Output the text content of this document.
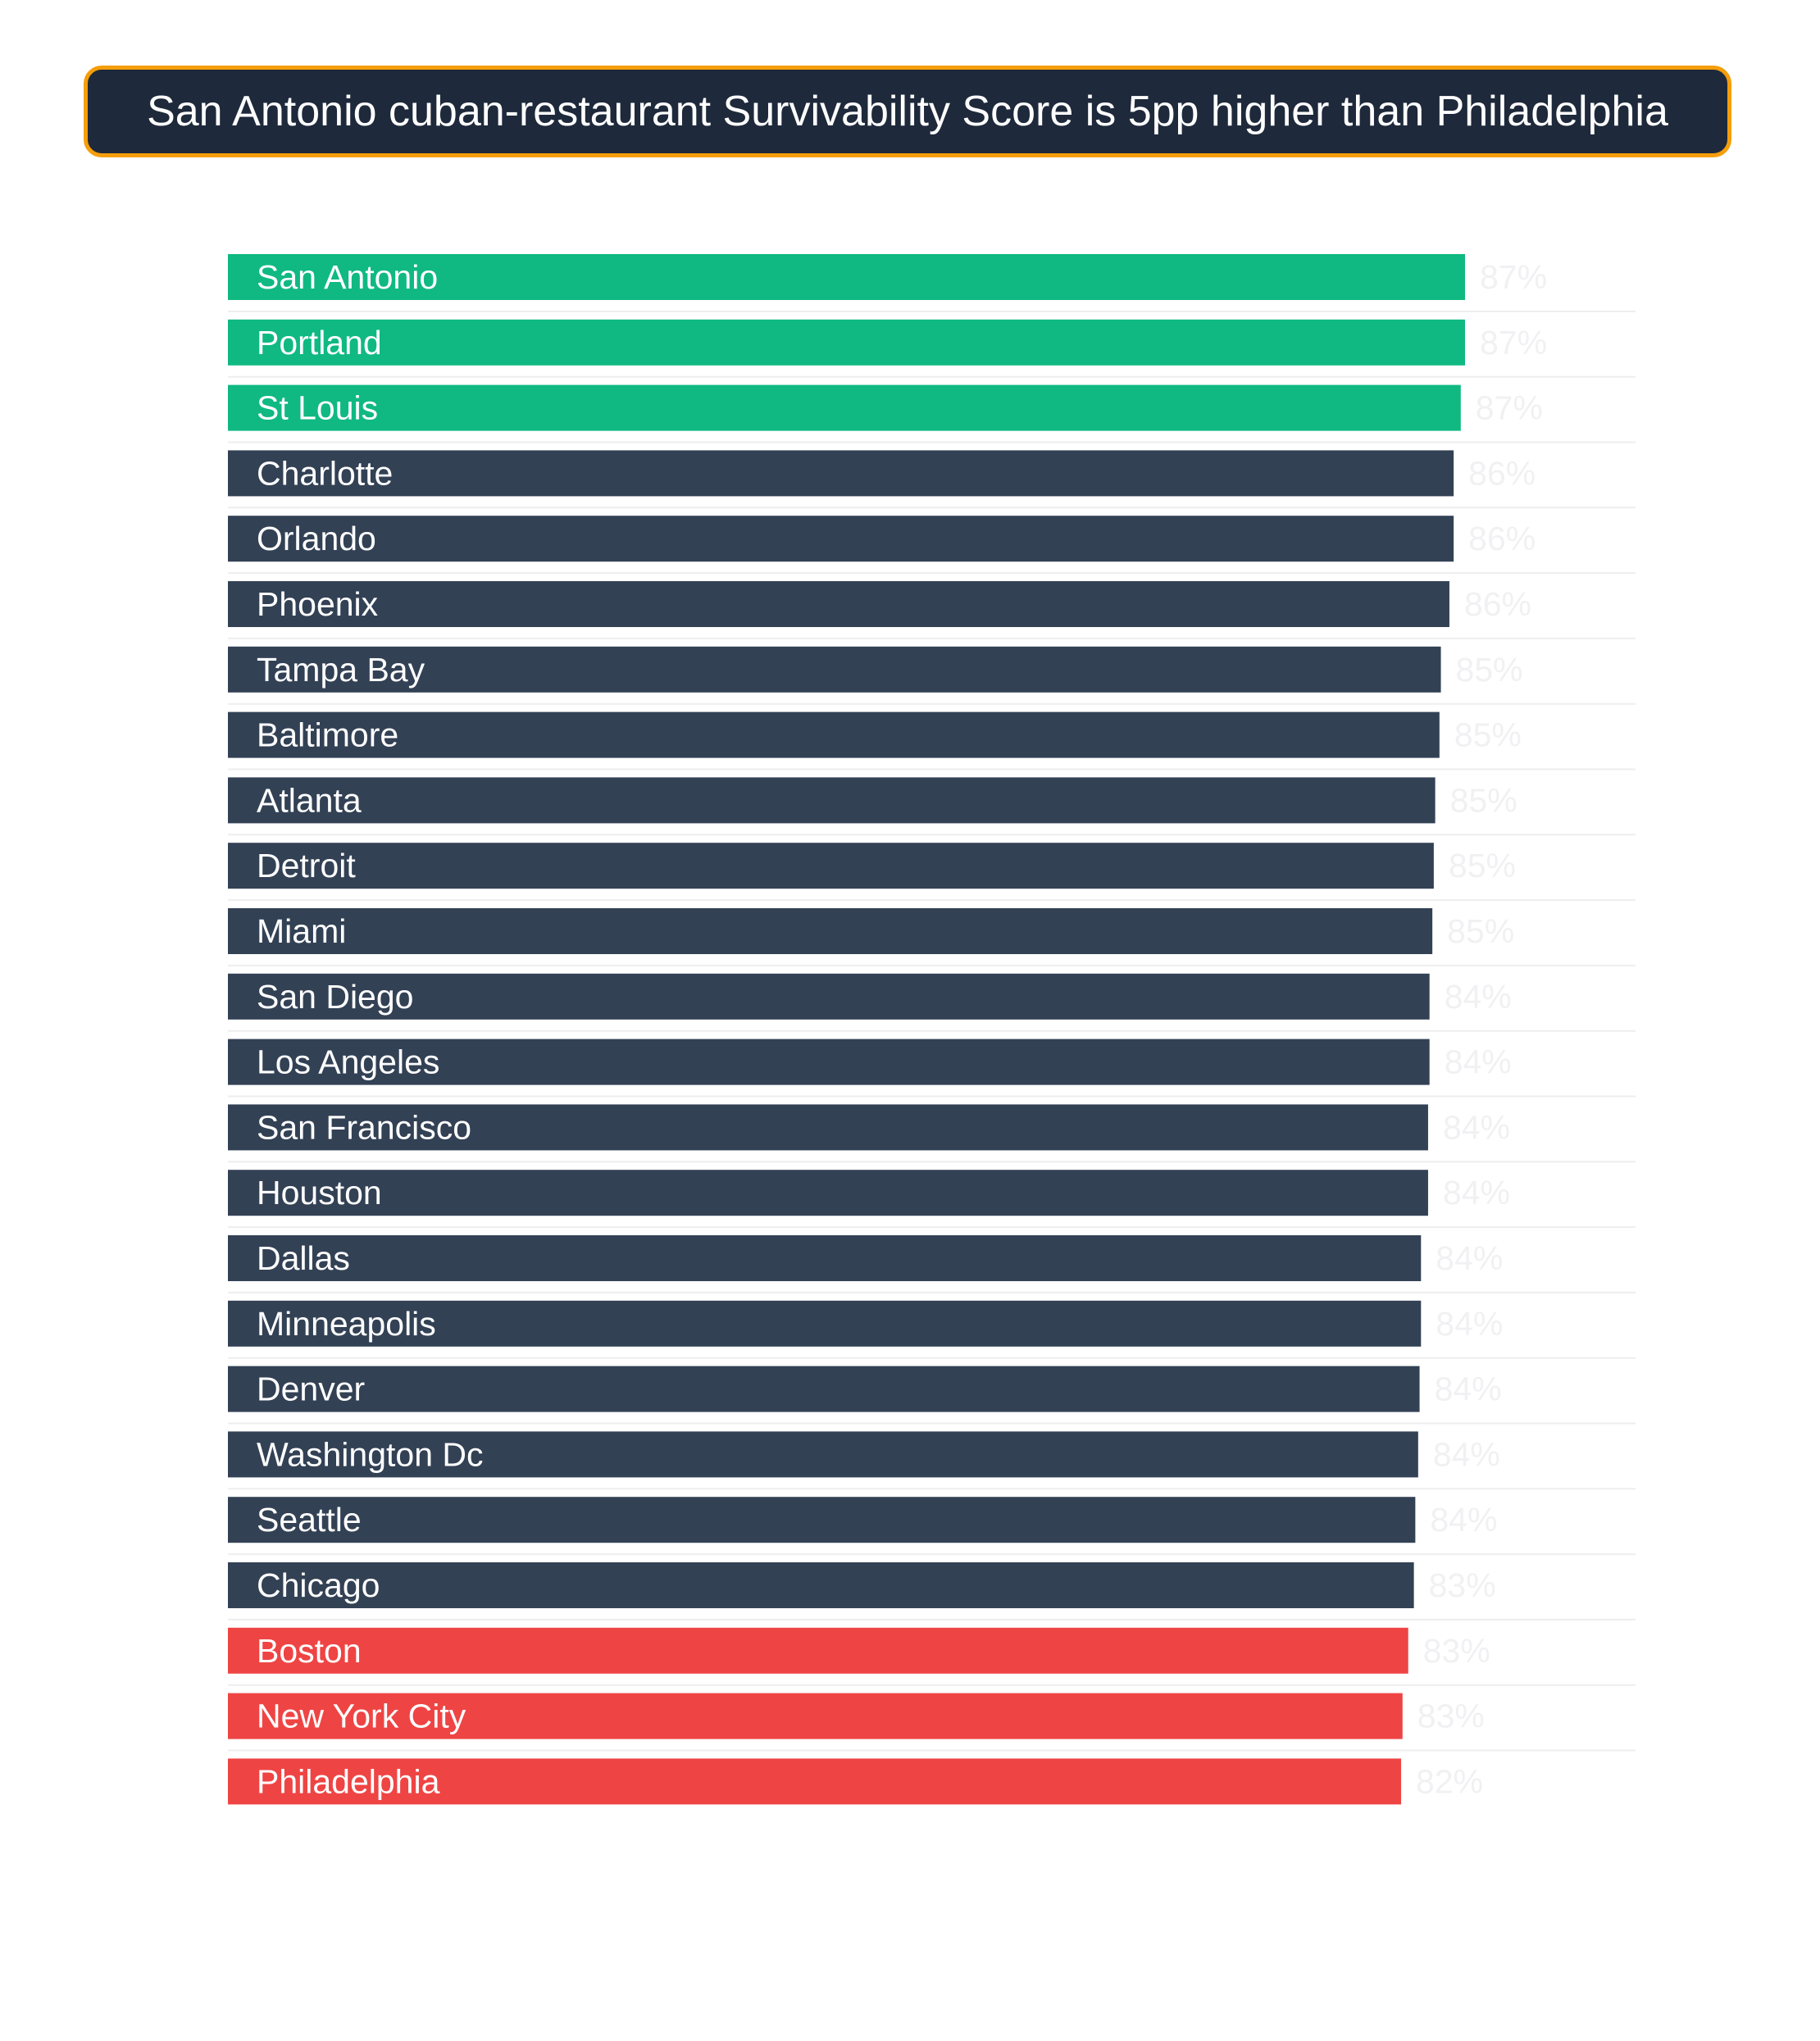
San Antonio cuban-restaurant Survivability Score is 5pp higher than Philadelphia
San Antonio	87%
Portland	87%
St Louis	87%
Charlotte	86%
Orlando	86%
Phoenix	86%
Tampa Bay	85%
Baltimore	85%
Atlanta	85%
Detroit	85%
Miami	85%
San Diego	84%
Los Angeles	84%
San Francisco	84%
Houston	84%
Dallas	84%
Minneapolis	84%
Denver	84%
Washington Dc	84%
Seattle	84%
Chicago	83%
Boston	83%
New York City	83%
Philadelphia	82%
